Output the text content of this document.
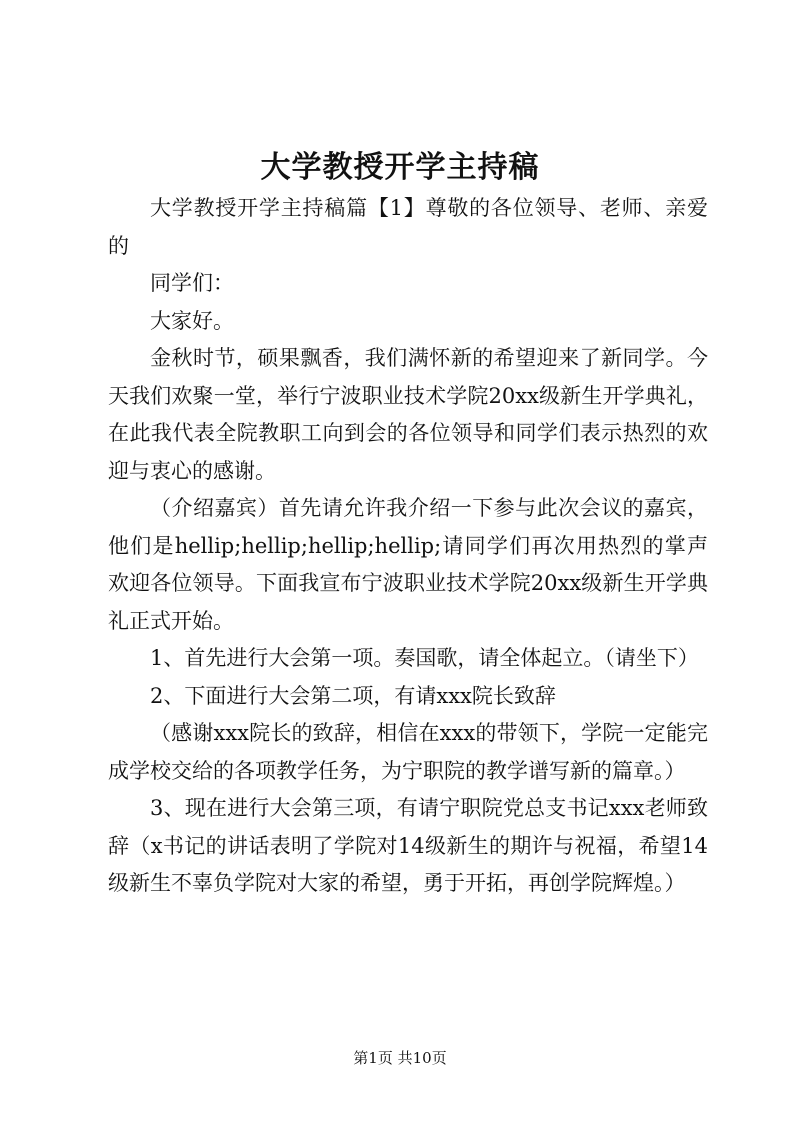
大学教授开学主持稿

大学教授开学主持稿篇【1】尊敬的各位领导、老师、亲爱的

同学们：

大家好。

金秋时节，硕果飘香，我们满怀新的希望迎来了新同学。今天我们欢聚一堂，举行宁波职业技术学院20xx级新生开学典礼，在此我代表全院教职工向到会的各位领导和同学们表示热烈的欢迎与衷心的感谢。

（介绍嘉宾）首先请允许我介绍一下参与此次会议的嘉宾，他们是hellip;hellip;hellip;hellip;请同学们再次用热烈的掌声欢迎各位领导。下面我宣布宁波职业技术学院20xx级新生开学典礼正式开始。

1、首先进行大会第一项。奏国歌，请全体起立。（请坐下）

2、下面进行大会第二项，有请xxx院长致辞

（感谢xxx院长的致辞，相信在xxx的带领下，学院一定能完成学校交给的各项教学任务，为宁职院的教学谱写新的篇章。）

3、现在进行大会第三项，有请宁职院党总支书记xxx老师致辞（x书记的讲话表明了学院对14级新生的期许与祝福，希望14级新生不辜负学院对大家的希望，勇于开拓，再创学院辉煌。）

第1页 共10页
